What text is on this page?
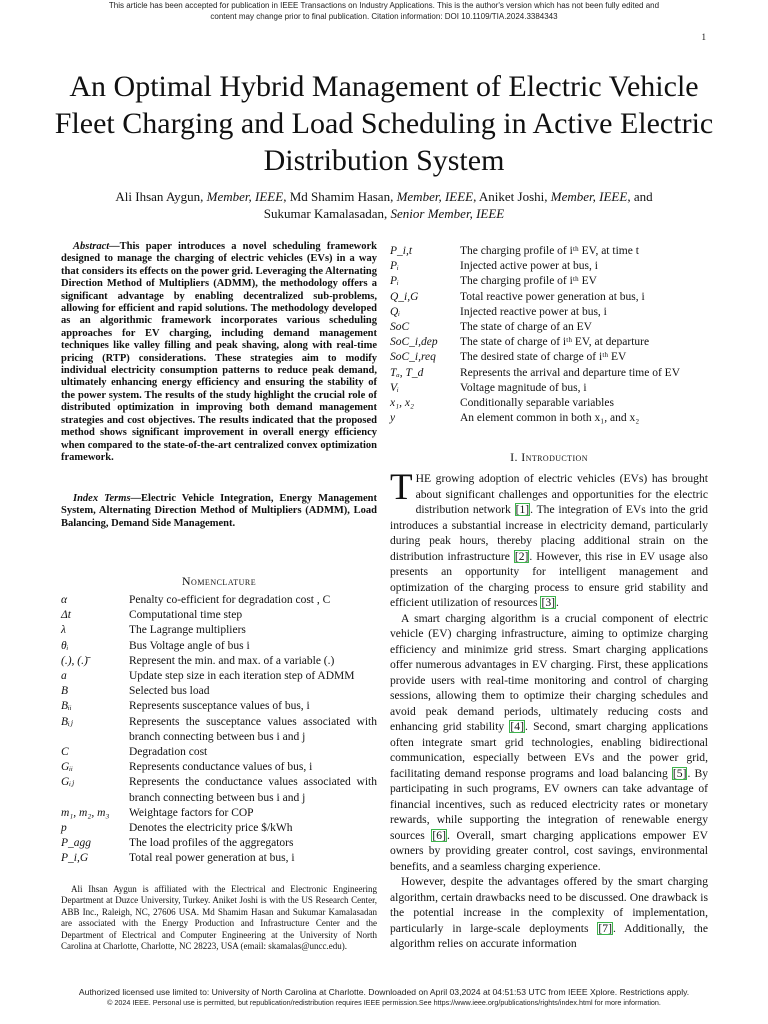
This article has been accepted for publication in IEEE Transactions on Industry Applications. This is the author's version which has not been fully edited and
content may change prior to final publication. Citation information: DOI 10.1109/TIA.2024.3384343
1
An Optimal Hybrid Management of Electric Vehicle Fleet Charging and Load Scheduling in Active Electric Distribution System
Ali Ihsan Aygun, Member, IEEE, Md Shamim Hasan, Member, IEEE, Aniket Joshi, Member, IEEE, and
Sukumar Kamalasadan, Senior Member, IEEE

Abstract—This paper introduces a novel scheduling framework designed to manage the charging of electric vehicles (EVs) in a way that considers its effects on the power grid. Leveraging the Alternating Direction Method of Multipliers (ADMM), the methodology offers a significant advantage by enabling decentralized sub-problems, allowing for efficient and rapid solutions. The methodology developed as an algorithmic framework incorporates various scheduling approaches for EV charging, including demand management techniques like valley filling and peak shaving, along with real-time pricing (RTP) considerations. These strategies aim to modify individual electricity consumption patterns to reduce peak demand, ultimately enhancing energy efficiency and ensuring the stability of the power system. The results of the study highlight the crucial role of distributed optimization in improving both demand management strategies and cost objectives. The results indicated that the proposed method shows significant improvement in overall energy efficiency when compared to the state-of-the-art centralized convex optimization framework.

Index Terms—Electric Vehicle Integration, Energy Management System, Alternating Direction Method of Multipliers (ADMM), Load Balancing, Demand Side Management.

Nomenclature
α	Penalty co-efficient for degradation cost , C
Δt	Computational time step
λ	The Lagrange multipliers
θᵢ	Bus Voltage angle of bus i
(.), (.)̄	Represent the min. and max. of a variable (.)
a	Update step size in each iteration step of ADMM
B	Selected bus load
Bᵢᵢ	Represents susceptance values of bus, i
Bᵢⱼ	Represents the susceptance values associated with branch connecting between bus i and j
C	Degradation cost
Gᵢᵢ	Represents conductance values of bus, i
Gᵢⱼ	Represents the conductance values associated with branch connecting between bus i and j
m₁, m₂, m₃	Weightage factors for COP
p	Denotes the electricity price $/kWh
P_agg	The load profiles of the aggregators
P_i,G	Total real power generation at bus, i
Ali Ihsan Aygun is affiliated with the Electrical and Electronic Engineering Department at Duzce University, Turkey. Aniket Joshi is with the US Research Center, ABB Inc., Raleigh, NC, 27606 USA. Md Shamim Hasan and Sukumar Kamalasadan are associated with the Energy Production and Infrastructure Center and the Department of Electrical and Computer Engineering at the University of North Carolina at Charlotte, Charlotte, NC 28223, USA (email: skamalas@uncc.edu).
P_i,t	The charging profile of iᵗʰ EV, at time t
Pᵢ	Injected active power at bus, i
Pᵢ	The charging profile of iᵗʰ EV
Q_i,G	Total reactive power generation at bus, i
Qᵢ	Injected reactive power at bus, i
SoC	The state of charge of an EV
SoC_i,dep	The state of charge of iᵗʰ EV, at departure
SoC_i,req	The desired state of charge of iᵗʰ EV
Tₐ, T_d	Represents the arrival and departure time of EV
Vᵢ	Voltage magnitude of bus, i
x₁, x₂	Conditionally separable variables
y	An element common in both x₁, and x₂
I. Introduction

THE growing adoption of electric vehicles (EVs) has brought about significant challenges and opportunities for the electric distribution network [1]. The integration of EVs into the grid introduces a substantial increase in electricity demand, particularly during peak hours, thereby placing additional strain on the distribution infrastructure [2]. However, this rise in EV usage also presents an opportunity for intelligent management and optimization of the charging process to ensure grid stability and efficient utilization of resources [3].

A smart charging algorithm is a crucial component of electric vehicle (EV) charging infrastructure, aiming to optimize charging efficiency and minimize grid stress. Smart charging applications offer numerous advantages in EV charging. First, these applications provide users with real-time monitoring and control of charging sessions, allowing them to optimize their charging schedules and avoid peak demand periods, ultimately reducing costs and enhancing grid stability [4]. Second, smart charging applications often integrate smart grid technologies, enabling bidirectional communication, especially between EVs and the power grid, facilitating demand response programs and load balancing [5]. By participating in such programs, EV owners can take advantage of financial incentives, such as reduced electricity rates or monetary rewards, while supporting the integration of renewable energy sources [6]. Overall, smart charging applications empower EV owners by providing greater control, cost savings, environmental benefits, and a seamless charging experience.

However, despite the advantages offered by the smart charging algorithm, certain drawbacks need to be discussed. One drawback is the potential increase in the complexity of implementation, particularly in large-scale deployments [7]. Additionally, the algorithm relies on accurate information

Authorized licensed use limited to: University of North Carolina at Charlotte. Downloaded on April 03,2024 at 04:51:53 UTC from IEEE Xplore. Restrictions apply.
© 2024 IEEE. Personal use is permitted, but republication/redistribution requires IEEE permission.See https://www.ieee.org/publications/rights/index.html for more information.
